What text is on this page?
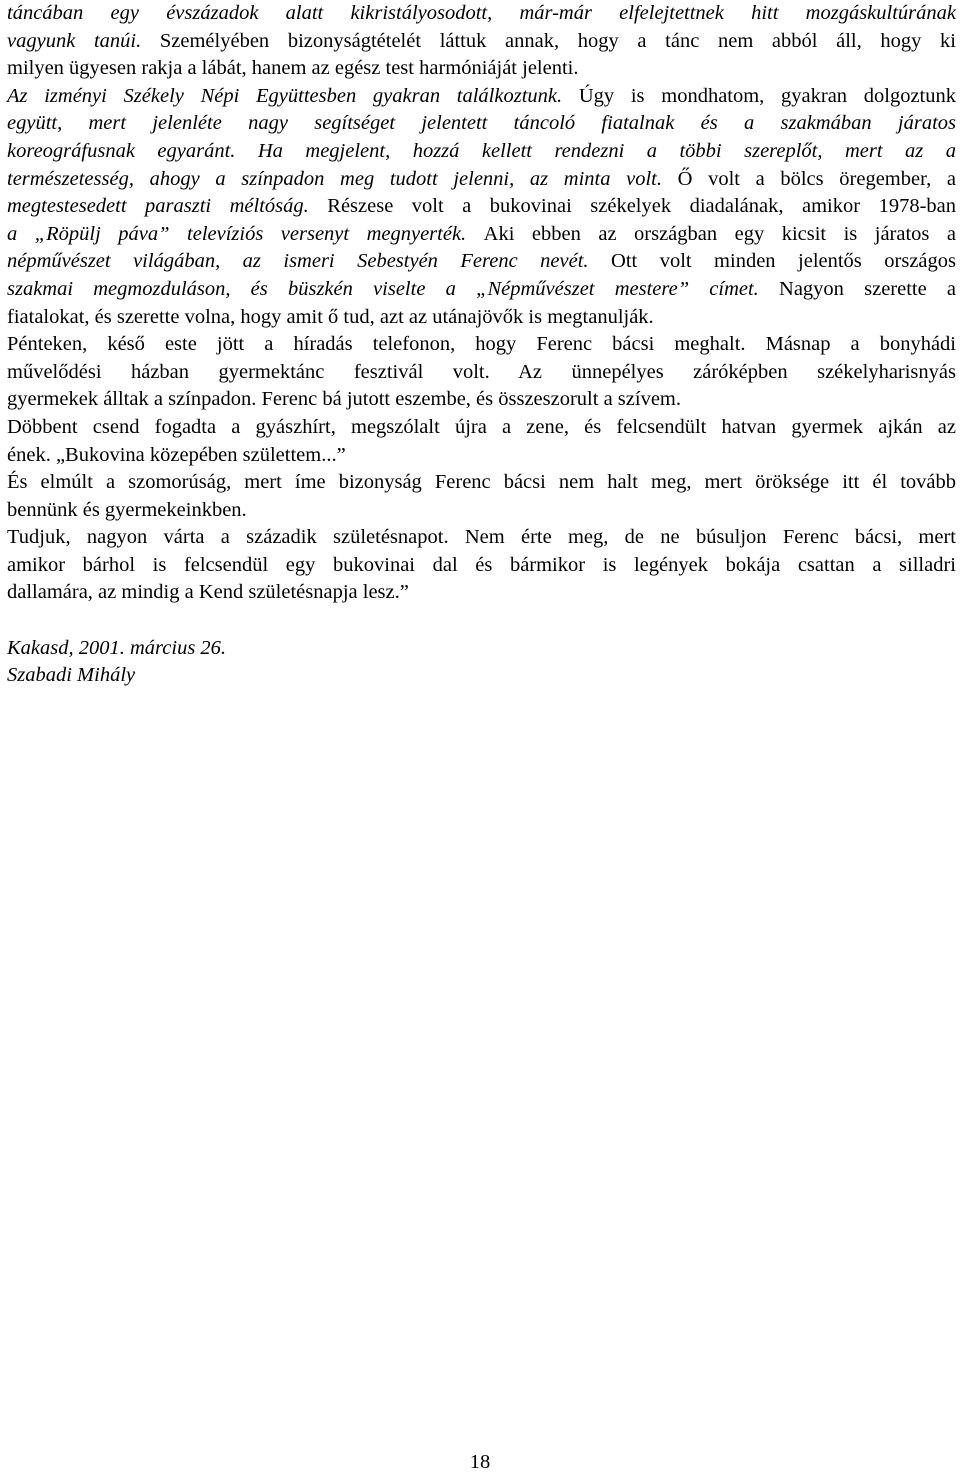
táncában egy évszázadok alatt kikristályosodott, már-már elfelejtettnek hitt mozgáskultúrának
vagyunk tanúi. Személyében bizonyságtételét láttuk annak, hogy a tánc nem abból áll, hogy ki
milyen ügyesen rakja a lábát, hanem az egész test harmóniáját jelenti.
Az izményi Székely Népi Együttesben gyakran találkoztunk. Úgy is mondhatom, gyakran dolgoztunk
együtt, mert jelenléte nagy segítséget jelentett táncoló fiatalnak és a szakmában járatos
koreográfusnak egyaránt. Ha megjelent, hozzá kellett rendezni a többi szereplőt, mert az a
természetesség, ahogy a színpadon meg tudott jelenni, az minta volt. Ő volt a bölcs öregember, a
megtestesedett paraszti méltóság. Részese volt a bukovinai székelyek diadalának, amikor 1978-ban
a „Röpülj páva” televíziós versenyt megnyerték. Aki ebben az országban egy kicsit is járatos a
népművészet világában, az ismeri Sebestyén Ferenc nevét. Ott volt minden jelentős országos
szakmai megmozduláson, és büszkén viselte a „Népművészet mestere” címet. Nagyon szerette a
fiatalokat, és szerette volna, hogy amit ő tud, azt az utánajövők is megtanulják.
Pénteken, késő este jött a híradás telefonon, hogy Ferenc bácsi meghalt. Másnap a bonyhádi
művelődési házban gyermektánc fesztivál volt. Az ünnepélyes záróképben székelyharisnyás
gyermekek álltak a színpadon. Ferenc bá jutott eszembe, és összeszorult a szívem.
Döbbent csend fogadta a gyászhírt, megszólalt újra a zene, és felcsendült hatvan gyermek ajkán az
ének. „Bukovina közepében születtem...”
És elmúlt a szomorúság, mert íme bizonyság Ferenc bácsi nem halt meg, mert öröksége itt él tovább
bennünk és gyermekeinkben.
Tudjuk, nagyon várta a századik születésnapot. Nem érte meg, de ne búsuljon Ferenc bácsi, mert
amikor bárhol is felcsendül egy bukovinai dal és bármikor is legények bokája csattan a silladri
dallamára, az mindig a Kend születésnapja lesz.”
Kakasd, 2001. március 26.
Szabadi Mihály
18
